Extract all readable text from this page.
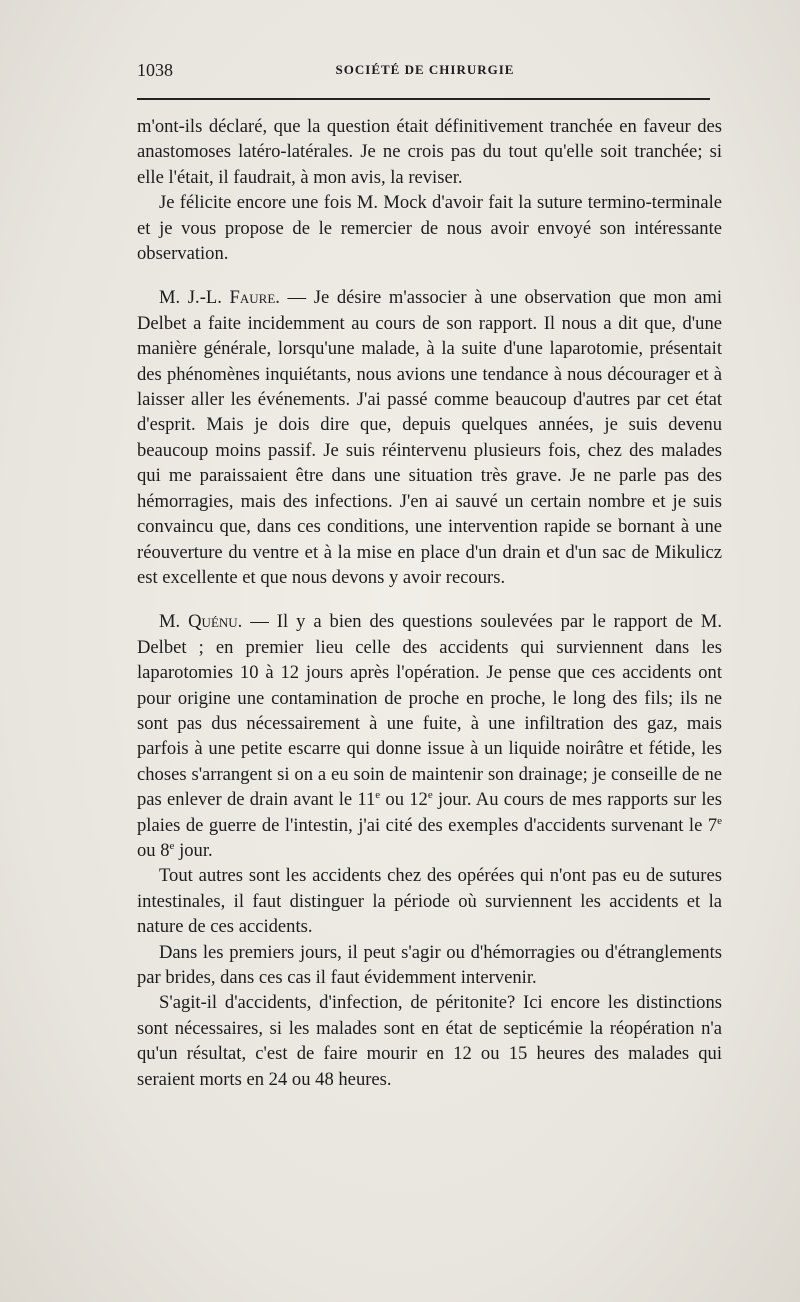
1038	SOCIÉTÉ DE CHIRURGIE

m'ont-ils déclaré, que la question était définitivement tranchée en faveur des anastomoses latéro-latérales. Je ne crois pas du tout qu'elle soit tranchée; si elle l'était, il faudrait, à mon avis, la reviser.

Je félicite encore une fois M. Mock d'avoir fait la suture termino-terminale et je vous propose de le remercier de nous avoir envoyé son intéressante observation.

M. J.-L. Faure. — Je désire m'associer à une observation que mon ami Delbet a faite incidemment au cours de son rapport. Il nous a dit que, d'une manière générale, lorsqu'une malade, à la suite d'une laparotomie, présentait des phénomènes inquiétants, nous avions une tendance à nous décourager et à laisser aller les événements. J'ai passé comme beaucoup d'autres par cet état d'esprit. Mais je dois dire que, depuis quelques années, je suis devenu beaucoup moins passif. Je suis réintervenu plusieurs fois, chez des malades qui me paraissaient être dans une situation très grave. Je ne parle pas des hémorragies, mais des infections. J'en ai sauvé un certain nombre et je suis convaincu que, dans ces conditions, une intervention rapide se bornant à une réouverture du ventre et à la mise en place d'un drain et d'un sac de Mikulicz est excellente et que nous devons y avoir recours.

M. Quénu. — Il y a bien des questions soulevées par le rapport de M. Delbet ; en premier lieu celle des accidents qui surviennent dans les laparotomies 10 à 12 jours après l'opération. Je pense que ces accidents ont pour origine une contamination de proche en proche, le long des fils; ils ne sont pas dus nécessairement à une fuite, à une infiltration des gaz, mais parfois à une petite escarre qui donne issue à un liquide noirâtre et fétide, les choses s'arrangent si on a eu soin de maintenir son drainage; je conseille de ne pas enlever de drain avant le 11e ou 12e jour. Au cours de mes rapports sur les plaies de guerre de l'intestin, j'ai cité des exemples d'accidents survenant le 7e ou 8e jour.

Tout autres sont les accidents chez des opérées qui n'ont pas eu de sutures intestinales, il faut distinguer la période où surviennent les accidents et la nature de ces accidents.

Dans les premiers jours, il peut s'agir ou d'hémorragies ou d'étranglements par brides, dans ces cas il faut évidemment intervenir.

S'agit-il d'accidents, d'infection, de péritonite? Ici encore les distinctions sont nécessaires, si les malades sont en état de septicémie la réopération n'a qu'un résultat, c'est de faire mourir en 12 ou 15 heures des malades qui seraient morts en 24 ou 48 heures.
